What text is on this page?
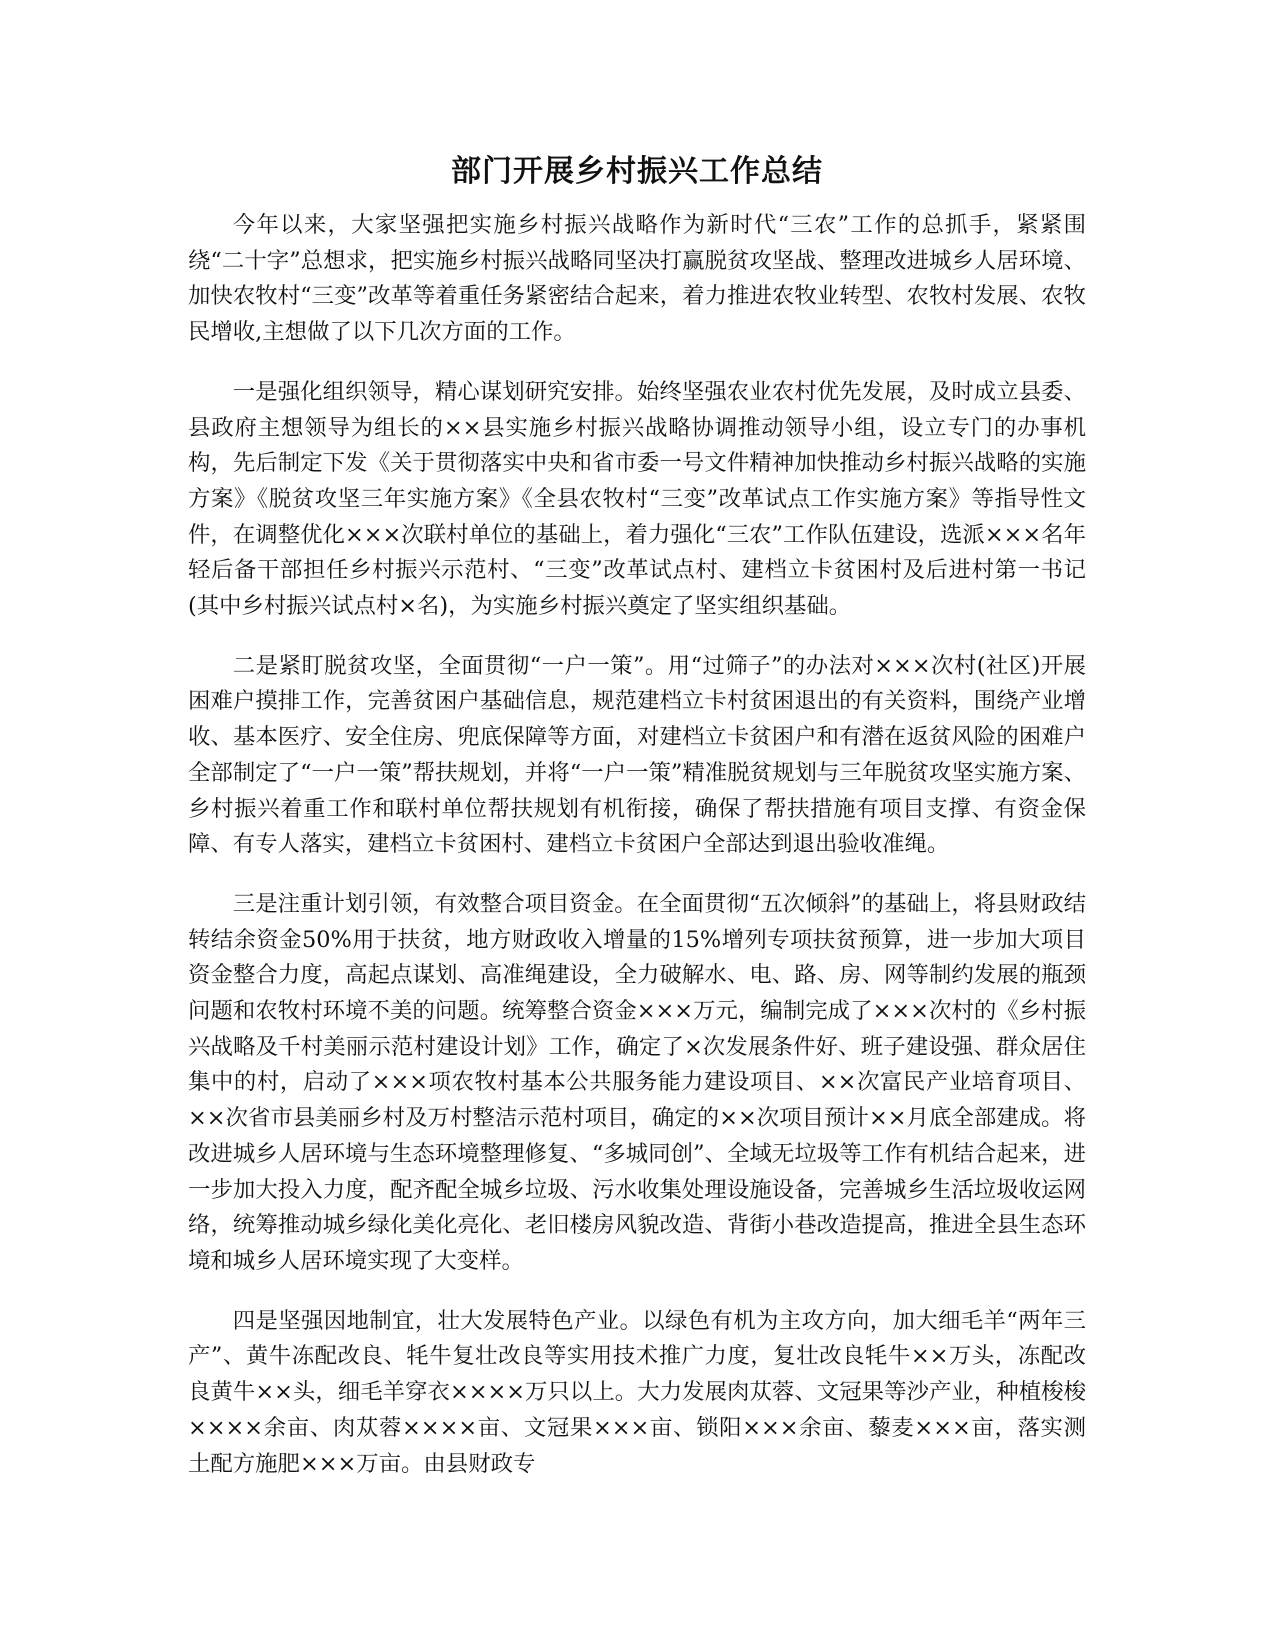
部门开展乡村振兴工作总结

今年以来，大家坚强把实施乡村振兴战略作为新时代“三农”工作的总抓手，紧紧围绕“二十字”总想求，把实施乡村振兴战略同坚决打赢脱贫攻坚战、整理改进城乡人居环境、加快农牧村“三变”改革等着重任务紧密结合起来，着力推进农牧业转型、农牧村发展、农牧民增收,主想做了以下几次方面的工作。

一是强化组织领导，精心谋划研究安排。始终坚强农业农村优先发展，及时成立县委、县政府主想领导为组长的××县实施乡村振兴战略协调推动领导小组，设立专门的办事机构，先后制定下发《关于贯彻落实中央和省市委一号文件精神加快推动乡村振兴战略的实施方案》《脱贫攻坚三年实施方案》《全县农牧村“三变”改革试点工作实施方案》等指导性文件，在调整优化×××次联村单位的基础上，着力强化“三农”工作队伍建设，选派×××名年轻后备干部担任乡村振兴示范村、“三变”改革试点村、建档立卡贫困村及后进村第一书记(其中乡村振兴试点村×名)，为实施乡村振兴奠定了坚实组织基础。

二是紧盯脱贫攻坚，全面贯彻“一户一策”。用“过筛子”的办法对×××次村(社区)开展困难户摸排工作，完善贫困户基础信息，规范建档立卡村贫困退出的有关资料，围绕产业增收、基本医疗、安全住房、兜底保障等方面，对建档立卡贫困户和有潜在返贫风险的困难户全部制定了“一户一策”帮扶规划，并将“一户一策”精准脱贫规划与三年脱贫攻坚实施方案、乡村振兴着重工作和联村单位帮扶规划有机衔接，确保了帮扶措施有项目支撑、有资金保障、有专人落实，建档立卡贫困村、建档立卡贫困户全部达到退出验收准绳。

三是注重计划引领，有效整合项目资金。在全面贯彻“五次倾斜”的基础上，将县财政结转结余资金50%用于扶贫，地方财政收入增量的15%增列专项扶贫预算，进一步加大项目资金整合力度，高起点谋划、高准绳建设，全力破解水、电、路、房、网等制约发展的瓶颈问题和农牧村环境不美的问题。统筹整合资金×××万元，编制完成了×××次村的《乡村振兴战略及千村美丽示范村建设计划》工作，确定了×次发展条件好、班子建设强、群众居住集中的村，启动了×××项农牧村基本公共服务能力建设项目、××次富民产业培育项目、××次省市县美丽乡村及万村整洁示范村项目，确定的××次项目预计××月底全部建成。将改进城乡人居环境与生态环境整理修复、“多城同创”、全域无垃圾等工作有机结合起来，进一步加大投入力度，配齐配全城乡垃圾、污水收集处理设施设备，完善城乡生活垃圾收运网络，统筹推动城乡绿化美化亮化、老旧楼房风貌改造、背街小巷改造提高，推进全县生态环境和城乡人居环境实现了大变样。

四是坚强因地制宜，壮大发展特色产业。以绿色有机为主攻方向，加大细毛羊“两年三产”、黄牛冻配改良、牦牛复壮改良等实用技术推广力度，复壮改良牦牛××万头，冻配改良黄牛××头，细毛羊穿衣××××万只以上。大力发展肉苁蓉、文冠果等沙产业，种植梭梭××××余亩、肉苁蓉××××亩、文冠果×××亩、锁阳×××余亩、藜麦×××亩，落实测土配方施肥×××万亩。由县财政专
